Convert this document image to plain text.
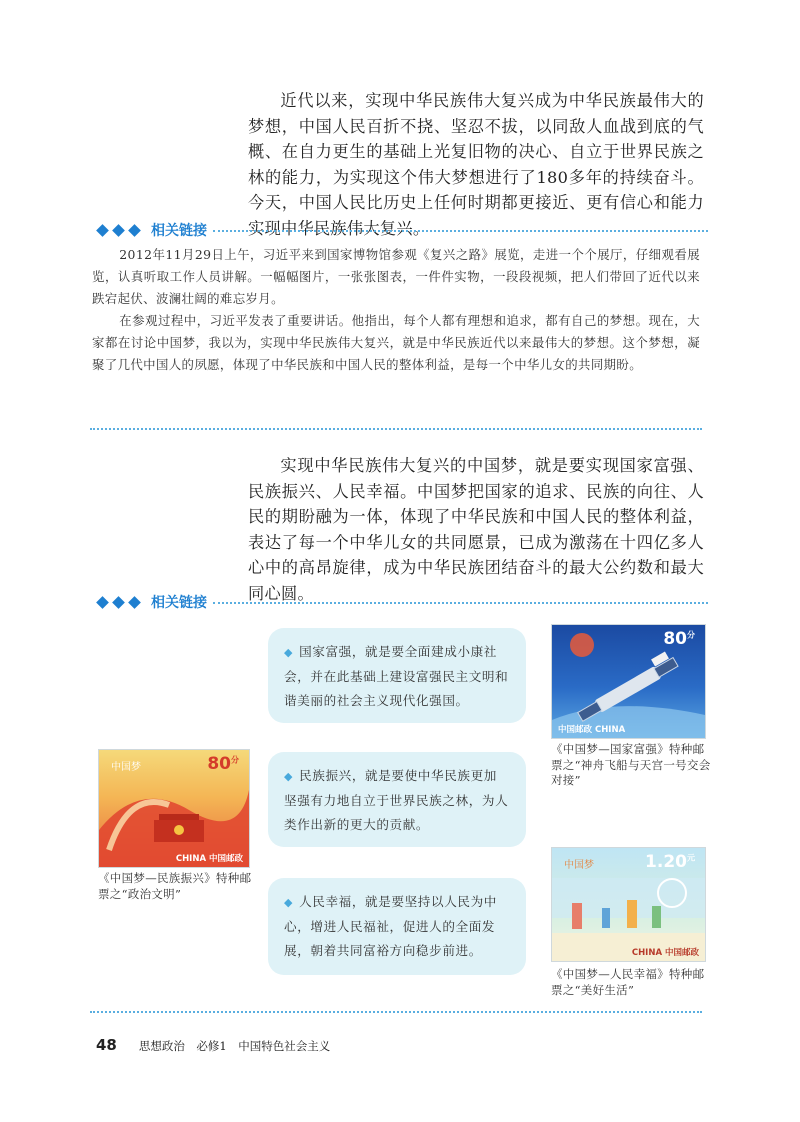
近代以来，实现中华民族伟大复兴成为中华民族最伟大的梦想，中国人民百折不挠、坚忍不拔，以同敌人血战到底的气概、在自力更生的基础上光复旧物的决心、自立于世界民族之林的能力，为实现这个伟大梦想进行了180多年的持续奋斗。今天，中国人民比历史上任何时期都更接近、更有信心和能力实现中华民族伟大复兴。

相关链接

2012年11月29日上午，习近平来到国家博物馆参观《复兴之路》展览，走进一个个展厅，仔细观看展览，认真听取工作人员讲解。一幅幅图片，一张张图表，一件件实物，一段段视频，把人们带回了近代以来跌宕起伏、波澜壮阔的难忘岁月。

在参观过程中，习近平发表了重要讲话。他指出，每个人都有理想和追求，都有自己的梦想。现在，大家都在讨论中国梦，我以为，实现中华民族伟大复兴，就是中华民族近代以来最伟大的梦想。这个梦想，凝聚了几代中国人的夙愿，体现了中华民族和中国人民的整体利益，是每一个中华儿女的共同期盼。

实现中华民族伟大复兴的中国梦，就是要实现国家富强、民族振兴、人民幸福。中国梦把国家的追求、民族的向往、人民的期盼融为一体，体现了中华民族和中国人民的整体利益，表达了每一个中华儿女的共同愿景，已成为激荡在十四亿多人心中的高昂旋律，成为中华民族团结奋斗的最大公约数和最大同心圆。

相关链接
◆ 国家富强，就是要全面建成小康社会，并在此基础上建设富强民主文明和谐美丽的社会主义现代化强国。
◆ 民族振兴，就是要使中华民族更加坚强有力地自立于世界民族之林，为人类作出新的更大的贡献。
◆ 人民幸福，就是要坚持以人民为中心，增进人民福祉，促进人的全面发展，朝着共同富裕方向稳步前进。
$80^分$
中国邮政 CHINA
《中国梦—国家富强》特种邮票之“神舟飞船与天宫一号交会对接”
中国梦	$80^分$
CHINA 中国邮政
《中国梦—民族振兴》特种邮票之“政治文明”
中国梦	$1.20^元$
CHINA 中国邮政
《中国梦—人民幸福》特种邮票之“美好生活”
48 思想政治　必修1　中国特色社会主义
